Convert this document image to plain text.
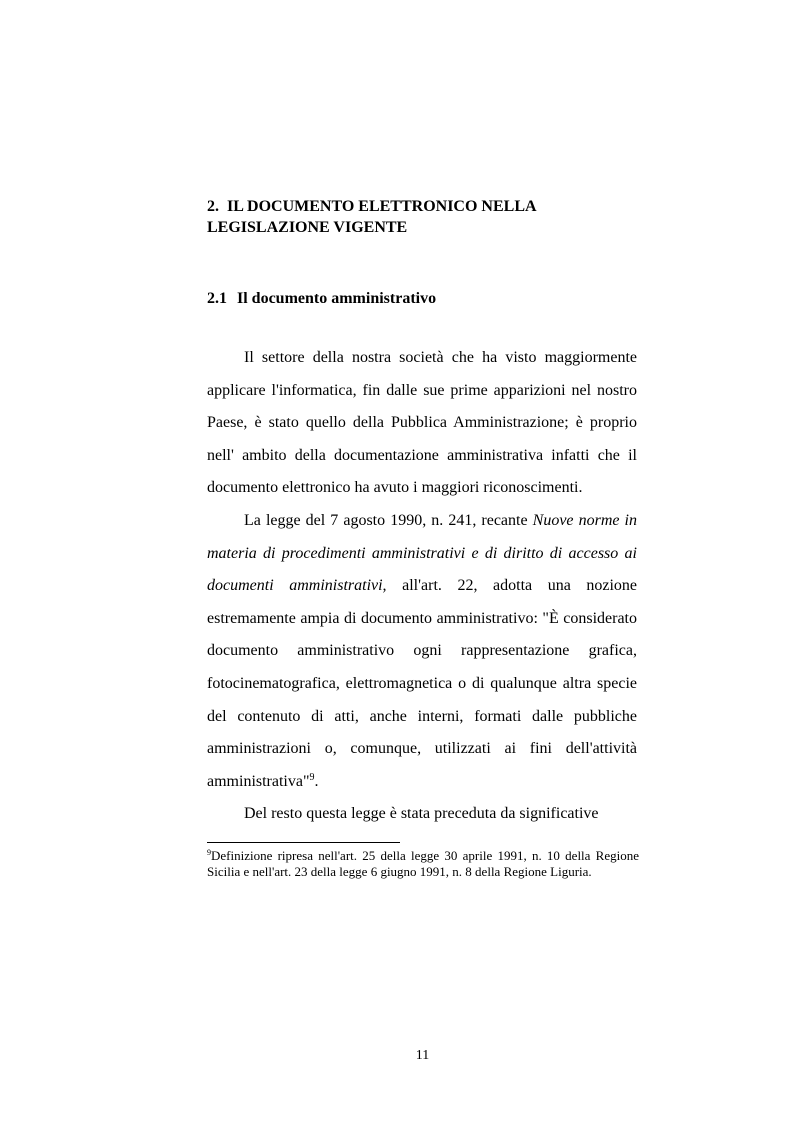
2. IL DOCUMENTO ELETTRONICO NELLA
LEGISLAZIONE VIGENTE
2.1 Il documento amministrativo

Il settore della nostra società che ha visto maggiormente applicare l'informatica, fin dalle sue prime apparizioni nel nostro Paese, è stato quello della Pubblica Amministrazione; è proprio nell' ambito della documentazione amministrativa infatti che il documento elettronico ha avuto i maggiori riconoscimenti.

La legge del 7 agosto 1990, n. 241, recante Nuove norme in materia di procedimenti amministrativi e di diritto di accesso ai documenti amministrativi, all'art. 22, adotta una nozione estremamente ampia di documento amministrativo: "È considerato documento amministrativo ogni rappresentazione grafica, fotocinematografica, elettromagnetica o di qualunque altra specie del contenuto di atti, anche interni, formati dalle pubbliche amministrazioni o, comunque, utilizzati ai fini dell'attività amministrativa"$^9$.

Del resto questa legge è stata preceduta da significative

$^9$Definizione ripresa nell'art. 25 della legge 30 aprile 1991, n. 10 della Regione Sicilia e nell'art. 23 della legge 6 giugno 1991, n. 8 della Regione Liguria.

11
